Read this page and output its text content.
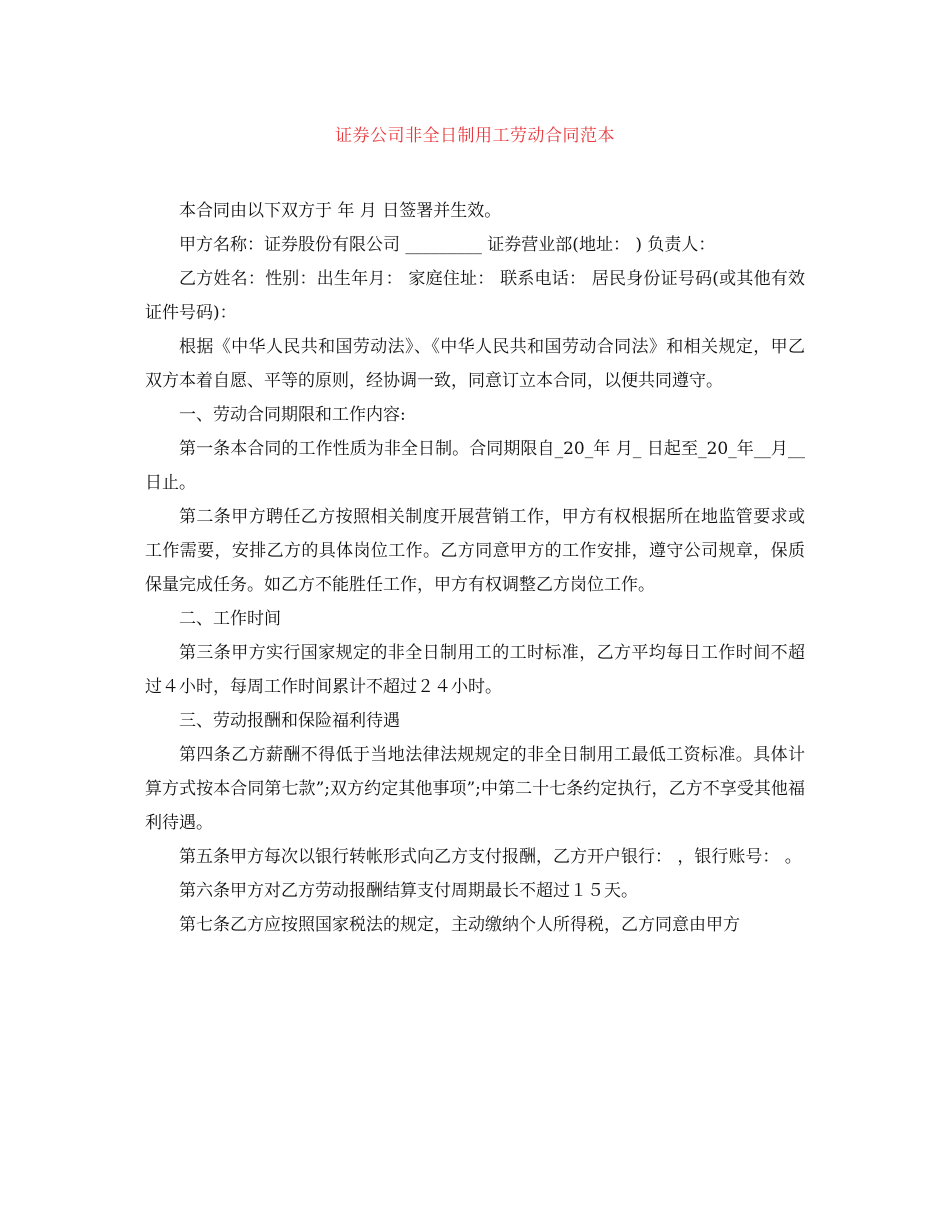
证券公司非全日制用工劳动合同范本

本合同由以下双方于 年 月 日签署并生效。

甲方名称：证券股份有限公司 _________ 证券营业部(地址： ) 负责人：

乙方姓名：性别：出生年月： 家庭住址： 联系电话： 居民身份证号码(或其他有效证件号码)：

根据《中华人民共和国劳动法》、《中华人民共和国劳动合同法》和相关规定，甲乙双方本着自愿、平等的原则，经协调一致，同意订立本合同，以便共同遵守。

一、劳动合同期限和工作内容:

第一条本合同的工作性质为非全日制。合同期限自_20_年 月_ 日起至_20_年__月__日止。

第二条甲方聘任乙方按照相关制度开展营销工作，甲方有权根据所在地监管要求或工作需要，安排乙方的具体岗位工作。乙方同意甲方的工作安排，遵守公司规章，保质保量完成任务。如乙方不能胜任工作，甲方有权调整乙方岗位工作。

二、工作时间

第三条甲方实行国家规定的非全日制用工的工时标准，乙方平均每日工作时间不超过４小时，每周工作时间累计不超过２４小时。

三、劳动报酬和保险福利待遇

第四条乙方薪酬不得低于当地法律法规规定的非全日制用工最低工资标准。具体计算方式按本合同第七款”;双方约定其他事项”;中第二十七条约定执行，乙方不享受其他福利待遇。

第五条甲方每次以银行转帐形式向乙方支付报酬，乙方开户银行： ，银行账号： 。

第六条甲方对乙方劳动报酬结算支付周期最长不超过１５天。

第七条乙方应按照国家税法的规定，主动缴纳个人所得税，乙方同意由甲方
